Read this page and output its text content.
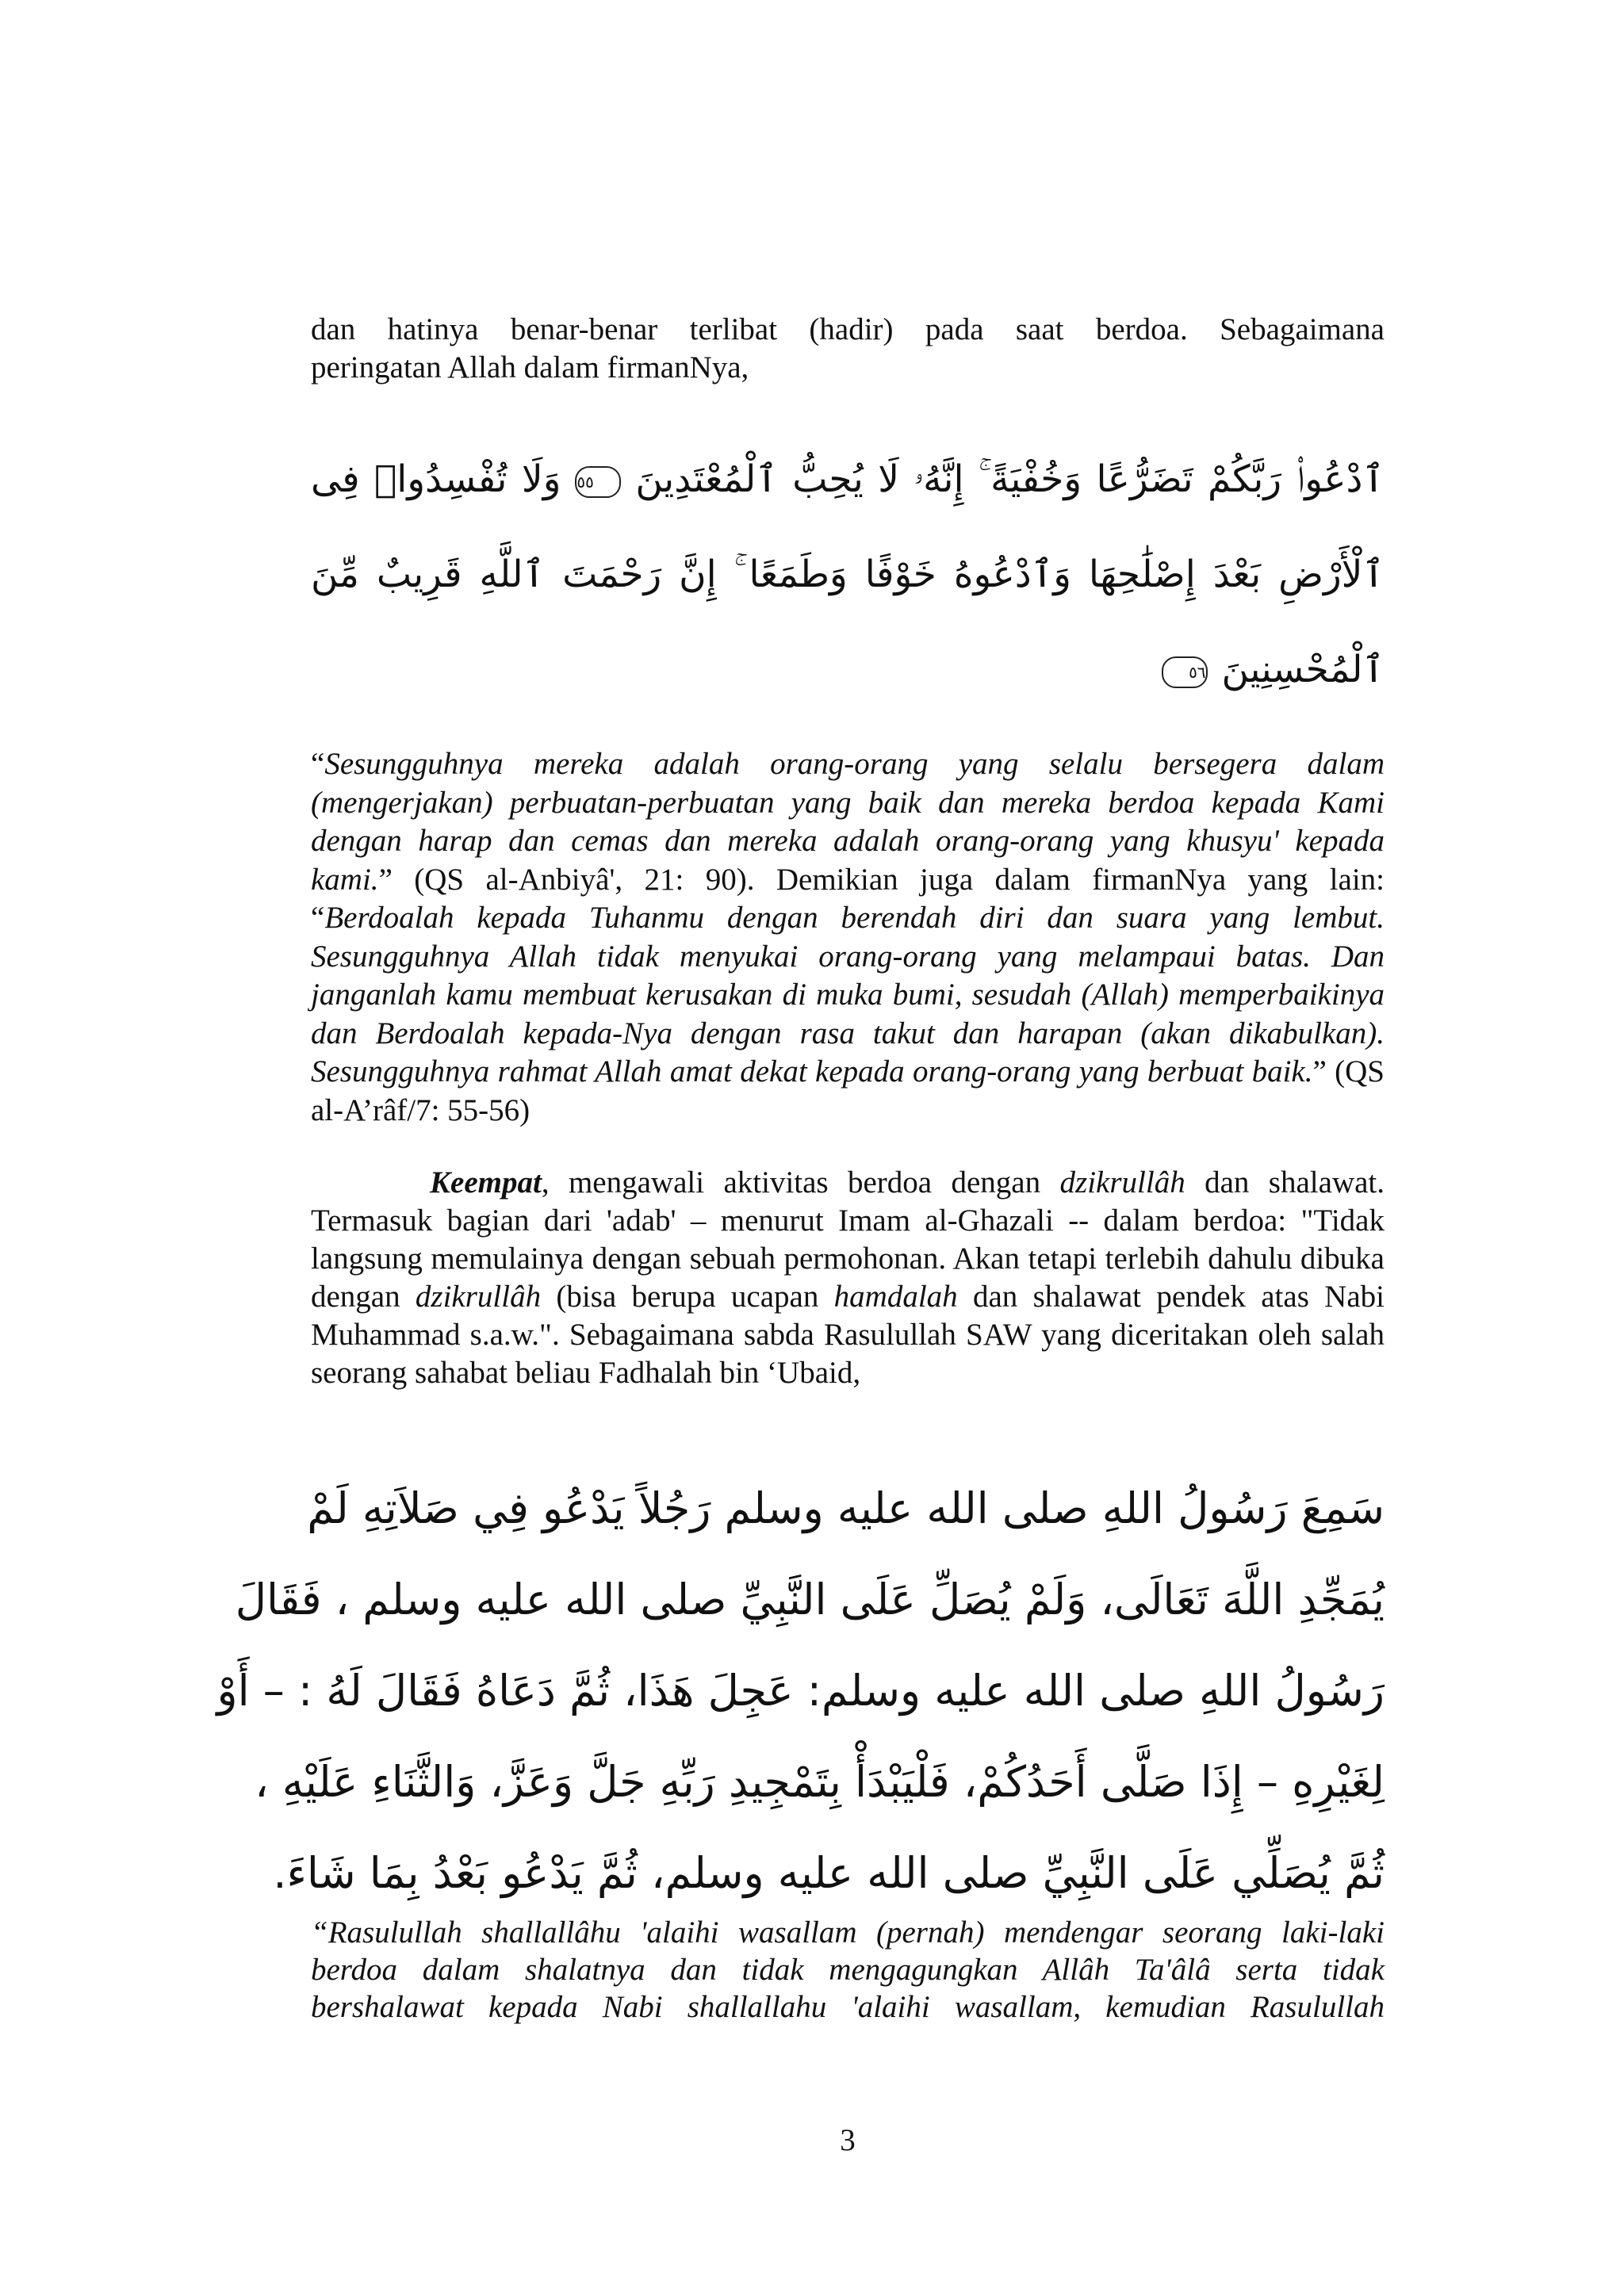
dan hatinya benar-benar terlibat (hadir) pada saat berdoa. Sebagaimana
peringatan Allah dalam firmanNya,

ٱدْعُوا۟ رَبَّكُمْ تَضَرُّعًا وَخُفْيَةً ۚ إِنَّهُۥ لَا يُحِبُّ ٱلْمُعْتَدِينَ٥٥وَلَا تُفْسِدُوا۟ فِى
ٱلْأَرْضِ بَعْدَ إِصْلَٰحِهَا وَٱدْعُوهُ خَوْفًا وَطَمَعًا ۚ إِنَّ رَحْمَتَ ٱللَّهِ قَرِيبٌ مِّنَ
ٱلْمُحْسِنِينَ٥٦

“Sesungguhnya mereka adalah orang-orang yang selalu bersegera dalam (mengerjakan) perbuatan-perbuatan yang baik dan mereka berdoa kepada Kami dengan harap dan cemas dan mereka adalah orang-orang yang khusyu' kepada kami.” (QS al-Anbiyâ', 21: 90). Demikian juga dalam firmanNya yang lain: “Berdoalah kepada Tuhanmu dengan berendah diri dan suara yang lembut. Sesungguhnya Allah tidak menyukai orang-orang yang melampaui batas. Dan janganlah kamu membuat kerusakan di muka bumi, sesudah (Allah) memperbaikinya dan Berdoalah kepada-Nya dengan rasa takut dan harapan (akan dikabulkan). Sesungguhnya rahmat Allah amat dekat kepada orang-orang yang berbuat baik.” (QS al-A’râf/7: 55-56)

Keempat, mengawali aktivitas berdoa dengan dzikrullâh dan shalawat. Termasuk bagian dari 'adab' – menurut Imam al-Ghazali -- dalam berdoa: "Tidak langsung memulainya dengan sebuah permohonan. Akan tetapi terlebih dahulu dibuka dengan dzikrullâh (bisa berupa ucapan hamdalah dan shalawat pendek atas Nabi Muhammad s.a.w.". Sebagaimana sabda Rasulullah SAW yang diceritakan oleh salah seorang sahabat beliau Fadhalah bin ‘Ubaid,

سَمِعَ رَسُولُ اللهِ صلى الله عليه وسلم رَجُلاً يَدْعُو فِي صَلاَتِهِ لَمْ
يُمَجِّدِ اللَّهَ تَعَالَى، وَلَمْ يُصَلِّ عَلَى النَّبِيِّ صلى الله عليه وسلم ، فَقَالَ
رَسُولُ اللهِ صلى الله عليه وسلم: عَجِلَ هَذَا، ثُمَّ دَعَاهُ فَقَالَ لَهُ : – أَوْ
لِغَيْرِهِ – إِذَا صَلَّى أَحَدُكُمْ، فَلْيَبْدَأْ بِتَمْجِيدِ رَبِّهِ جَلَّ وَعَزَّ، وَالثَّنَاءِ عَلَيْهِ ،
ثُمَّ يُصَلِّي عَلَى النَّبِيِّ صلى الله عليه وسلم، ثُمَّ يَدْعُو بَعْدُ بِمَا شَاءَ.

“Rasulullah shallallâhu 'alaihi wasallam (pernah) mendengar seorang laki-laki berdoa dalam shalatnya dan tidak mengagungkan Allâh Ta'âlâ serta tidak bershalawat kepada Nabi shallallahu 'alaihi wasallam, kemudian Rasulullah

3
